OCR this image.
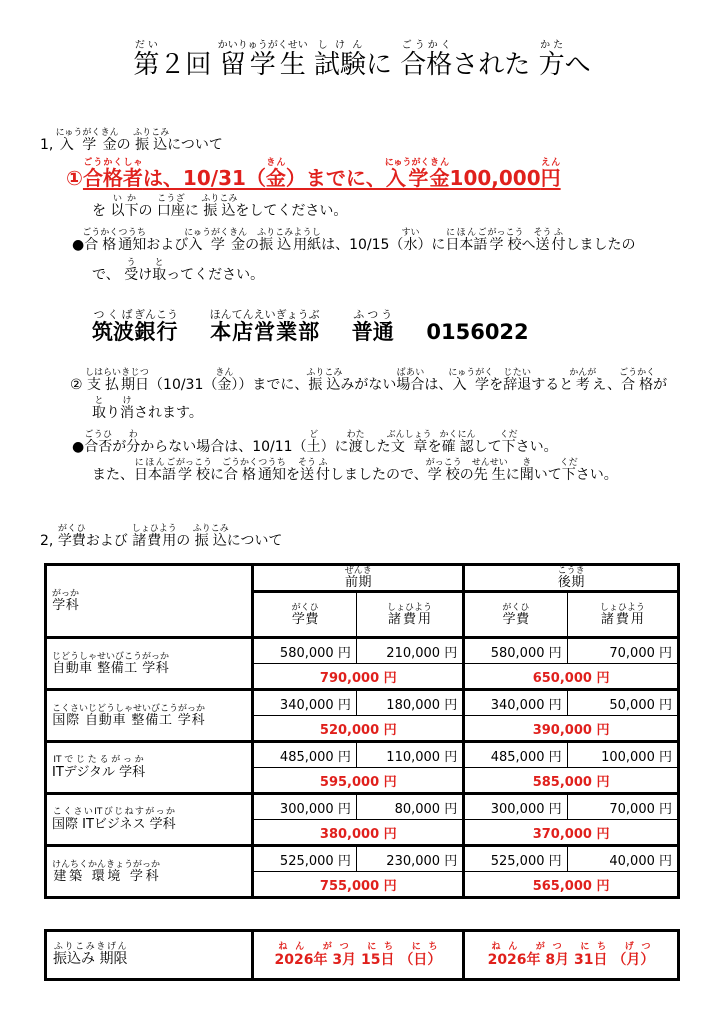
第だい２回 留学生かいりゅうがくせい 試験しけんに 合格ごうかくされた 方かたへ
1, 入学にゅうがく 金きんの 振込ふりこみについて
①合格者ごうかくしゃは、10/31（金きん）までに、入学にゅうがく金きん100,000円えん
を 以下いかの 口座こうざに 振込ふりこみをしてください。
●合格ごうかく通知つうちおよび入学にゅうがく金きんの振込ふりこみ用紙ようしは、10/15（水すい）に日本語にほんご学校がっこうへ送そう付ふしましたの
で、 受うけ取とってください。
筑波つくば銀行ぎんこう  本店ほんてん営業部えいぎょうぶ  普通ふつう  0156022
② 支払しはらい期日きじつ（10/31（金きん））までに、振込ふりこみみがない場合ばあいは、入学にゅうがくを辞退じたいすると考かんがえ、合格ごうかくが
取とり消けされます。
●合否ごうひが分わからない場合は、10/11（土ど）に渡わたした文章ぶんしょうを確認かくにんして下ください。
また、日本語にほんご学校がっこうに合格ごうかく通知つうちを送そう付ふしましたので、学校がっこうの先生せんせいに聞きいて下ください。
2, 学費がくひおよび 諸費用しょひようの 振込ふりこみについて
学科がっか	前期ぜんき		後期こうき	
	学費がくひ	諸費用しょひよう	学費がくひ	諸費用しょひよう
自動車 整備工 学科じどうしゃせいびこうがっか	580,000 円	210,000 円	580,000 円	70,000 円
	790,000 円		650,000 円	
国際 自動車 整備工 学科こくさいじどうしゃせいびこうがっか	340,000 円	180,000 円	340,000 円	50,000 円
	520,000 円		390,000 円	
ITデジタル 学科ITでじたるがっか	485,000 円	110,000 円	485,000 円	100,000 円
	595,000 円		585,000 円	
国際 ITビジネス 学科こくさいITびじねすがっか	300,000 円	80,000 円	300,000 円	70,000 円
	380,000 円		370,000 円	
建築 環境 学科けんちくかんきょうがっか	525,000 円	230,000 円	525,000 円	40,000 円
	755,000 円		565,000 円	
振込み 期限ふりこみきげん	2026年 3月 15日 （日）ねん がつ にち にち	2026年 8月 31日 （月）ねん がつ にち げつ
